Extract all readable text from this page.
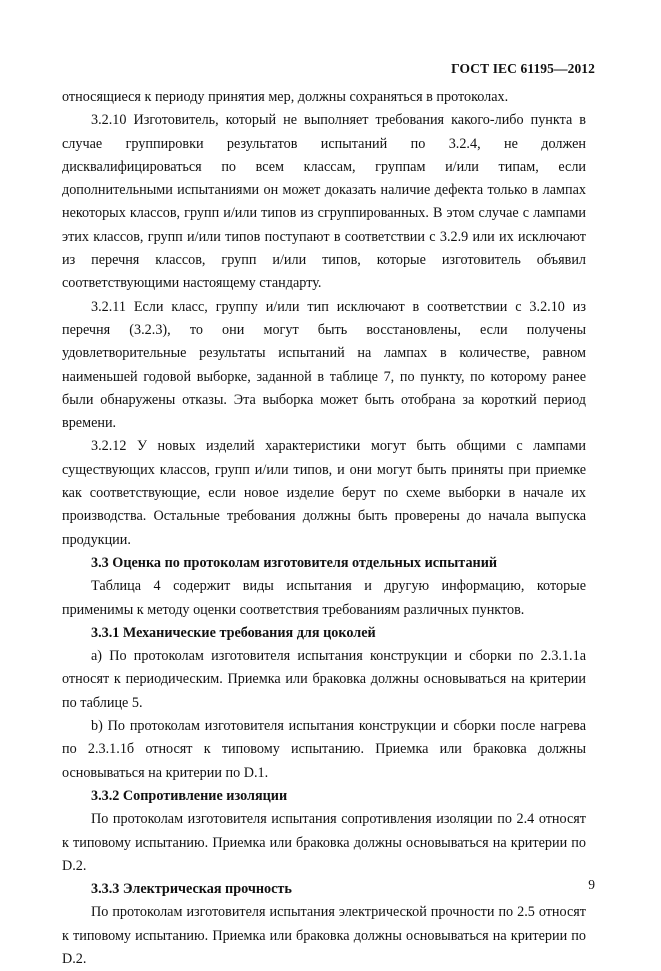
ГОСТ IEC 61195—2012

относящиеся к периоду принятия мер, должны сохраняться в протоколах.

3.2.10 Изготовитель, который не выполняет требования какого-либо пункта в случае группировки результатов испытаний по 3.2.4, не должен дисквалифицироваться по всем классам, группам и/или типам, если дополнительными испытаниями он может доказать наличие дефекта только в лампах некоторых классов, групп и/или типов из сгруппированных. В этом случае с лампами этих классов, групп и/или типов поступают в соответствии с 3.2.9 или их исключают из перечня классов, групп и/или типов, которые изготовитель объявил соответствующими настоящему стандарту.

3.2.11 Если класс, группу и/или тип исключают в соответствии с 3.2.10 из перечня (3.2.3), то они могут быть восстановлены, если получены удовлетворительные результаты испытаний на лампах в количестве, равном наименьшей годовой выборке, заданной в таблице 7, по пункту, по которому ранее были обнаружены отказы. Эта выборка может быть отобрана за короткий период времени.

3.2.12 У новых изделий характеристики могут быть общими с лампами существующих классов, групп и/или типов, и они могут быть приняты при приемке как соответствующие, если новое изделие берут по схеме выборки в начале их производства. Остальные требования должны быть проверены до начала выпуска продукции.

3.3 Оценка по протоколам изготовителя отдельных испытаний

Таблица 4 содержит виды испытания и другую информацию, которые применимы к методу оценки соответствия требованиям различных пунктов.

3.3.1 Механические требования для цоколей

a) По протоколам изготовителя испытания конструкции и сборки по 2.3.1.1a относят к периодическим. Приемка или браковка должны основываться на критерии по таблице 5.

b) По протоколам изготовителя испытания конструкции и сборки после нагрева по 2.3.1.1б относят к типовому испытанию. Приемка или браковка должны основываться на критерии по D.1.

3.3.2 Сопротивление изоляции

По протоколам изготовителя испытания сопротивления изоляции по 2.4 относят к типовому испытанию. Приемка или браковка должны основываться на критерии по D.2.

3.3.3 Электрическая прочность

По протоколам изготовителя испытания электрической прочности по 2.5 относят к типовому испытанию. Приемка или браковка должны основываться на критерии по D.2.

9
